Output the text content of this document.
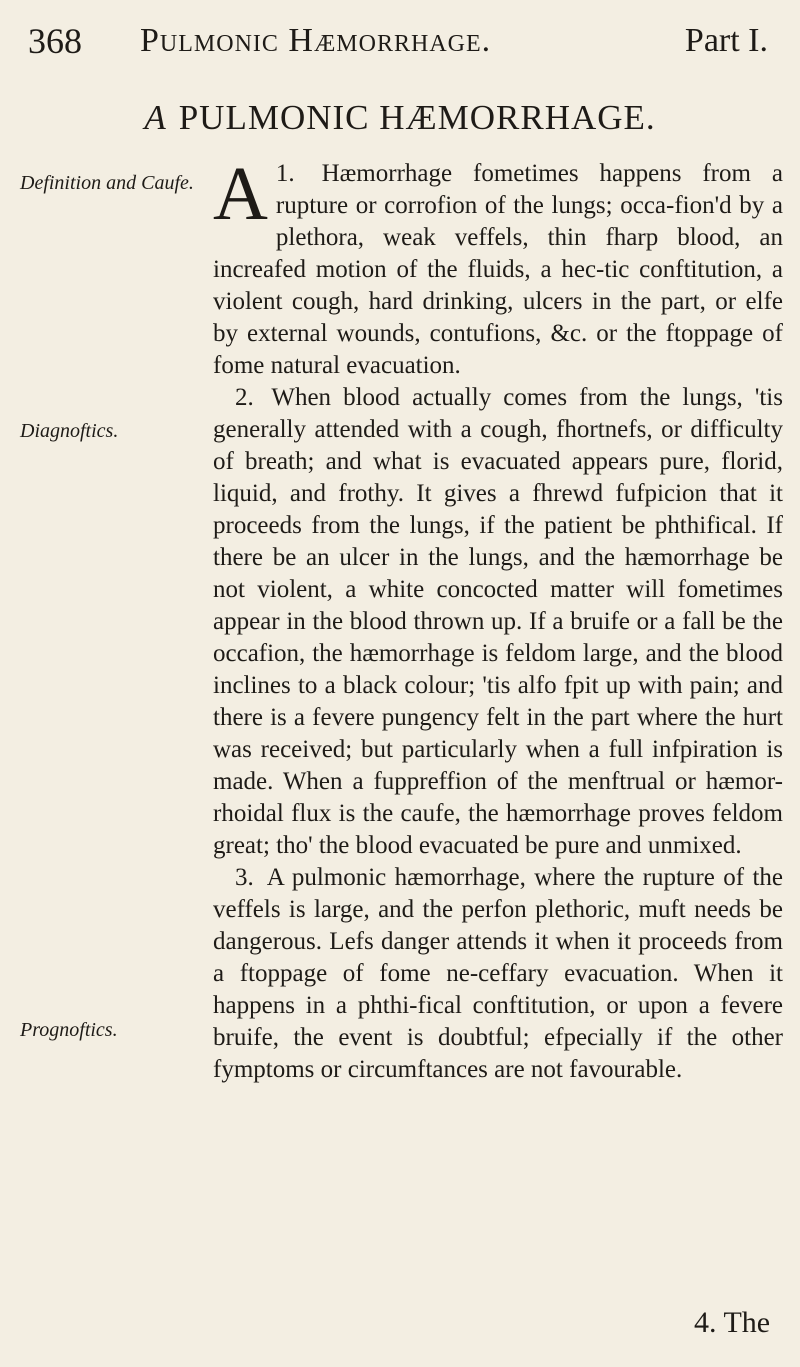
368 Pulmonic Hæmorrhage.	Part I.
A PULMONIC HÆMORRHAGE.
Definition and Caufe.
Diagnoftics.
Prognoftics.

A 1. Hæmorrhage fometimes happens from a rupture or corrofion of the lungs; occa-fion'd by a plethora, weak veffels, thin fharp blood, an increafed motion of the fluids, a hec-tic conftitution, a violent cough, hard drinking, ulcers in the part, or elfe by external wounds, contufions, &c. or the ftoppage of fome natural evacuation.

2. When blood actually comes from the lungs, 'tis generally attended with a cough, fhortnefs, or difficulty of breath; and what is evacuated appears pure, florid, liquid, and frothy. It gives a fhrewd fufpicion that it proceeds from the lungs, if the patient be phthifical. If there be an ulcer in the lungs, and the hæmorrhage be not violent, a white concocted matter will fometimes appear in the blood thrown up. If a bruife or a fall be the occafion, the hæmorrhage is feldom large, and the blood inclines to a black colour; 'tis alfo fpit up with pain; and there is a fevere pungency felt in the part where the hurt was received; but particularly when a full infpiration is made. When a fuppreffion of the menftrual or hæmor-rhoidal flux is the caufe, the hæmorrhage proves feldom great; tho' the blood evacuated be pure and unmixed.

3. A pulmonic hæmorrhage, where the rupture of the veffels is large, and the perfon plethoric, muft needs be dangerous. Lefs danger attends it when it proceeds from a ftoppage of fome ne-ceffary evacuation. When it happens in a phthi-fical conftitution, or upon a fevere bruife, the event is doubtful; efpecially if the other fymptoms or circumftances are not favourable.

4. The
